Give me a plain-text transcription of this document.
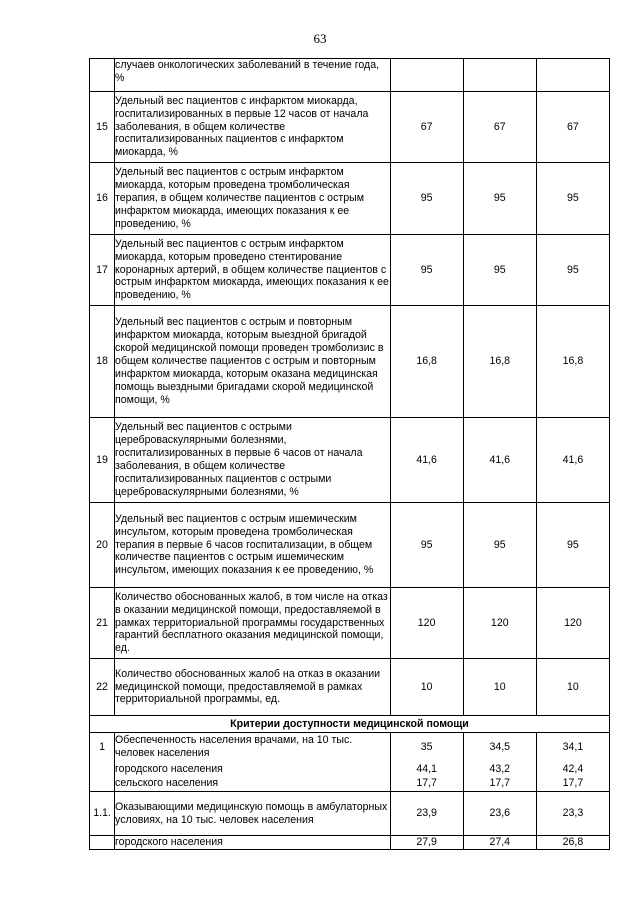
63
	случаев онкологических заболеваний в течение года, %			
15	Удельный вес пациентов с инфарктом миокарда, госпитализированных в первые 12 часов от начала заболевания, в общем количестве госпитализированных пациентов с инфарктом миокарда, %	67	67	67
16	Удельный вес пациентов с острым инфарктом миокарда, которым проведена тромболическая терапия, в общем количестве пациентов с острым инфарктом миокарда, имеющих показания к ее проведению, %	95	95	95
17	Удельный вес пациентов с острым инфарктом миокарда, которым проведено стентирование коронарных артерий, в общем количестве пациентов с острым инфарктом миокарда, имеющих показания к ее проведению, %	95	95	95
18	Удельный вес пациентов с острым и повторным инфарктом миокарда, которым выездной бригадой скорой медицинской помощи проведен тромболизис в общем количестве пациентов с острым и повторным инфарктом миокарда, которым оказана медицинская помощь выездными бригадами скорой медицинской помощи, %	16,8	16,8	16,8
19	Удельный вес пациентов с острыми цереброваскулярными болезнями, госпитализированных в первые 6 часов от начала заболевания, в общем количестве госпитализированных пациентов с острыми цереброваскулярными болезнями, %	41,6	41,6	41,6
20	Удельный вес пациентов с острым ишемическим инсультом, которым проведена тромболическая терапия в первые 6 часов госпитализации, в общем количестве пациентов с острым ишемическим инсультом, имеющих показания к ее проведению, %	95	95	95
21	Количество обоснованных жалоб, в том числе на отказ в оказании медицинской помощи, предоставляемой в рамках территориальной программы государственных гарантий бесплатного оказания медицинской помощи, ед.	120	120	120
22	Количество обоснованных жалоб на отказ в оказании медицинской помощи, предоставляемой в рамках территориальной программы, ед.	10	10	10
Критерии доступности медицинской помощи				
1	Обеспеченность населения врачами, на 10 тыс. человек населения	35	34,5	34,1
	городского населения	44,1	43,2	42,4
	сельского населения	17,7	17,7	17,7
1.1.	Оказывающими медицинскую помощь в амбулаторных условиях, на 10 тыс. человек населения	23,9	23,6	23,3
	городского населения	27,9	27,4	26,8
